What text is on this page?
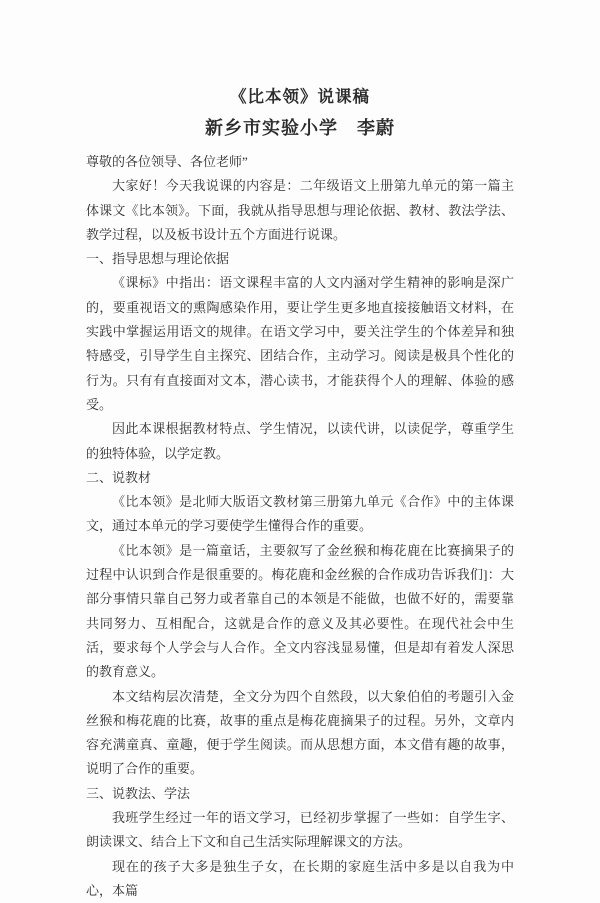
《比本领》说课稿
新乡市实验小学　李蔚

尊敬的各位领导、各位老师”

大家好！今天我说课的内容是：二年级语文上册第九单元的第一篇主体课文《比本领》。下面，我就从指导思想与理论依据、教材、教法学法、教学过程，以及板书设计五个方面进行说课。

一、指导思想与理论依据

《课标》中指出：语文课程丰富的人文内涵对学生精神的影响是深广的，要重视语文的熏陶感染作用，要让学生更多地直接接触语文材料，在实践中掌握运用语文的规律。在语文学习中，要关注学生的个体差异和独特感受，引导学生自主探究、团结合作，主动学习。阅读是极具个性化的行为。只有有直接面对文本，潜心读书，才能获得个人的理解、体验的感受。

因此本课根据教材特点、学生情况，以读代讲，以读促学，尊重学生的独特体验，以学定教。

二、说教材

《比本领》是北师大版语文教材第三册第九单元《合作》中的主体课文，通过本单元的学习要使学生懂得合作的重要。

《比本领》是一篇童话，主要叙写了金丝猴和梅花鹿在比赛摘果子的过程中认识到合作是很重要的。梅花鹿和金丝猴的合作成功告诉我们]：大部分事情只靠自己努力或者靠自己的本领是不能做，也做不好的，需要靠共同努力、互相配合，这就是合作的意义及其必要性。在现代社会中生活，要求每个人学会与人合作。全文内容浅显易懂，但是却有着发人深思的教育意义。

本文结构层次清楚，全文分为四个自然段，以大象伯伯的考题引入金丝猴和梅花鹿的比赛，故事的重点是梅花鹿摘果子的过程。另外，文章内容充满童真、童趣，便于学生阅读。而从思想方面，本文借有趣的故事，说明了合作的重要。

三、说教法、学法

我班学生经过一年的语文学习，已经初步掌握了一些如：自学生字、朗读课文、结合上下文和自己生活实际理解课文的方法。

现在的孩子大多是独生子女，在长期的家庭生活中多是以自我为中心，本篇
